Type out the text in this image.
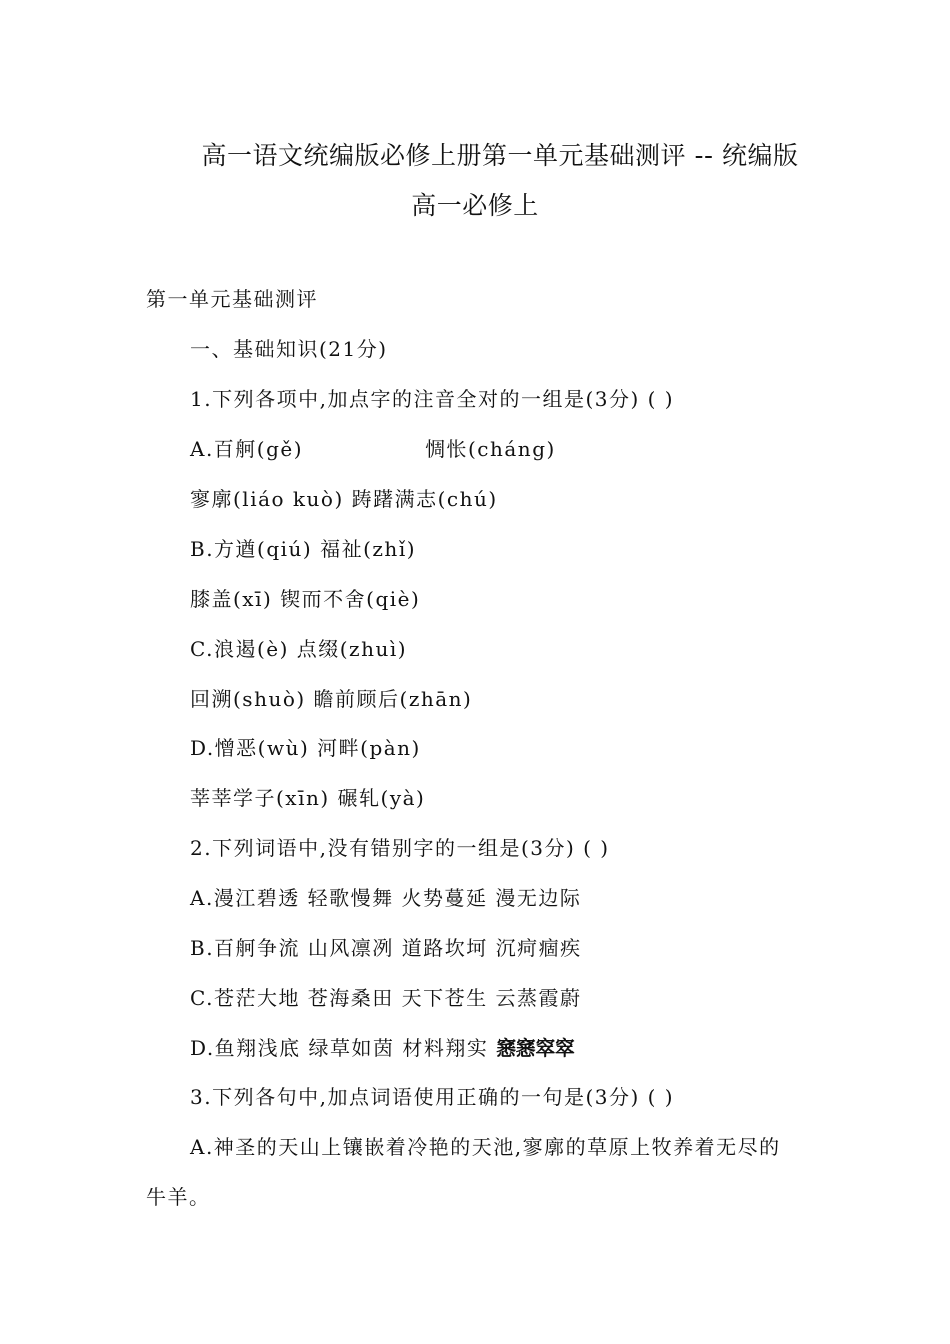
高一语文统编版必修上册第一单元基础测评 -- 统编版
高一必修上

第一单元基础测评

一、基础知识(21分)

1.下列各项中,加点字的注音全对的一组是(3分) ( )

A.百舸(gě)	惆怅(cháng)

寥廓(liáo kuò) 踌躇满志(chú)

B.方遒(qiú) 福祉(zhǐ)

膝盖(xī) 锲而不舍(qiè)

C.浪遏(è) 点缀(zhuì)

回溯(shuò) 瞻前顾后(zhān)

D.憎恶(wù) 河畔(pàn)

莘莘学子(xīn) 碾轧(yà)

2.下列词语中,没有错别字的一组是(3分) ( )

A.漫江碧透 轻歌慢舞 火势蔓延 漫无边际

B.百舸争流 山风凛冽 道路坎坷 沉疴痼疾

C.苍茫大地 苍海桑田 天下苍生 云蒸霞蔚

D.鱼翔浅底 绿草如茵 材料翔实 窸窸窣窣

3.下列各句中,加点词语使用正确的一句是(3分) ( )

A.神圣的天山上镶嵌着冷艳的天池,寥廓的草原上牧养着无尽的

牛羊。
